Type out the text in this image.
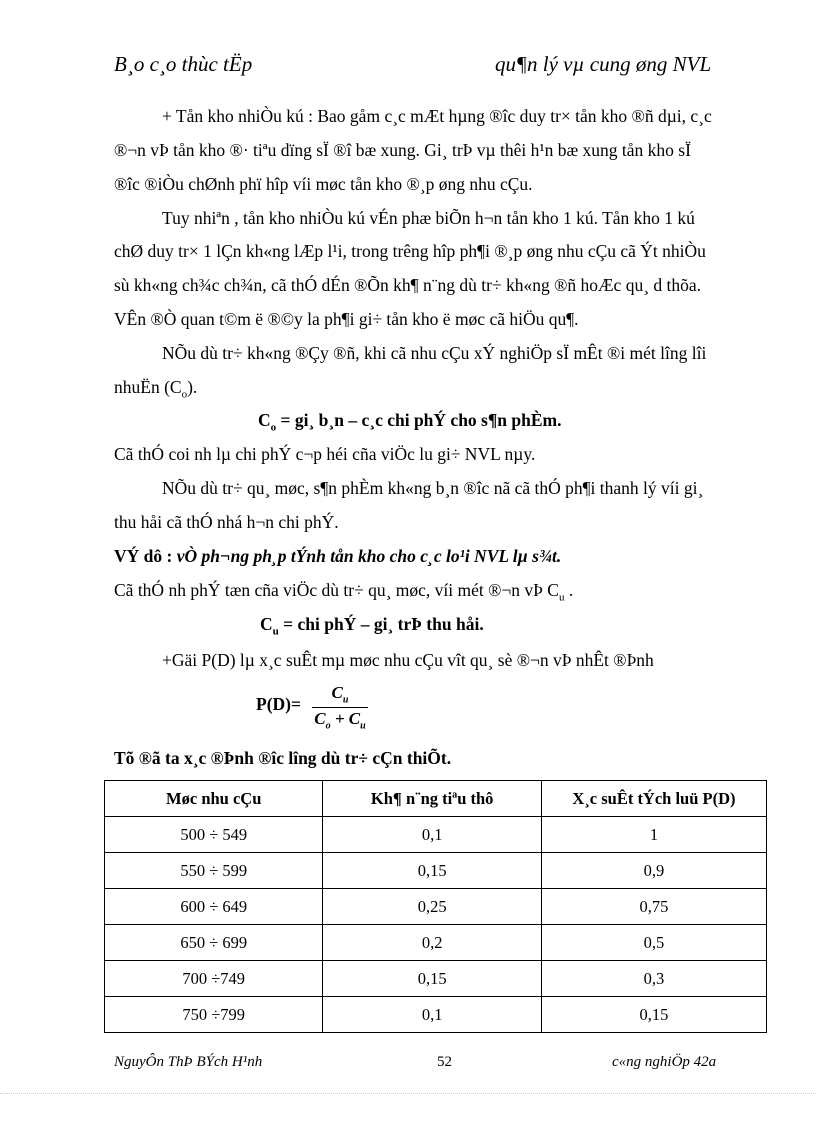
B¸o c¸o thùc tËp	qu¶n lý vµ cung øng NVL
+ Tån kho nhiÒu kú : Bao gåm c¸c mÆt hµng ®îc duy tr× tån kho ®ñ dµi, c¸c
®¬n vÞ tån kho ®· tiªu dïng sÏ ®î bæ xung. Gi¸ trÞ vµ thêi h¹n bæ xung tån kho sÏ
®îc ®iÒu chØnh phï hîp víi møc tån kho ®¸p øng nhu cÇu.
Tuy nhiªn , tån kho nhiÒu kú vÉn phæ biÕn h¬n tån kho 1 kú. Tån kho 1 kú
chØ duy tr× 1 lÇn kh«ng lÆp l¹i, trong trêng hîp ph¶i ®¸p øng nhu cÇu cã Ýt nhiÒu
sù kh«ng ch¾c ch¾n, cã thÓ dÉn ®Õn kh¶ n¨ng dù tr÷ kh«ng ®ñ hoÆc qu¸ d thõa.
VÊn ®Ò quan t©m ë ®©y la ph¶i gi÷ tån kho ë møc cã hiÖu qu¶.
NÕu dù tr÷ kh«ng ®Çy ®ñ, khi cã nhu cÇu xÝ nghiÖp sÏ mÊt ®i mét lîng lîi
nhuËn $(C_o)$.
$C_o$ = gi¸ b¸n – c¸c chi phÝ cho s¶n phÈm.
Cã thÓ coi nh lµ chi phÝ c¬p héi cña viÖc lu gi÷ NVL nµy.
NÕu dù tr÷ qu¸ møc, s¶n phÈm kh«ng b¸n ®îc nã cã thÓ ph¶i thanh lý víi gi¸
thu håi cã thÓ nhá h¬n chi phÝ.
VÝ dô : vÒ ph¬ng ph¸p tÝnh tån kho cho c¸c lo¹i NVL lµ s¾t.
Cã thÓ nh phÝ tæn cña viÖc dù tr÷ qu¸ møc, víi mét ®¬n vÞ $C_u$ .
$C_u$ = chi phÝ – gi¸ trÞ thu håi.
+Gäi P(D) lµ x¸c suÊt mµ møc nhu cÇu vît qu¸ sè ®¬n vÞ nhÊt ®Þnh
P(D)=
$C_u$
$C_o + C_u$
Tõ ®ã ta x¸c ®Þnh ®îc lîng dù tr÷ cÇn thiÕt.
Møc nhu cÇu	Kh¶ n¨ng tiªu thô	X¸c suÊt tÝch luü P(D)
500 ÷ 549	0,1	1
550 ÷ 599	0,15	0,9
600 ÷ 649	0,25	0,75
650 ÷ 699	0,2	0,5
700 ÷749	0,15	0,3
750 ÷799	0,1	0,15
NguyÔn ThÞ BÝch H¹nh	52	c«ng nghiÖp 42a
